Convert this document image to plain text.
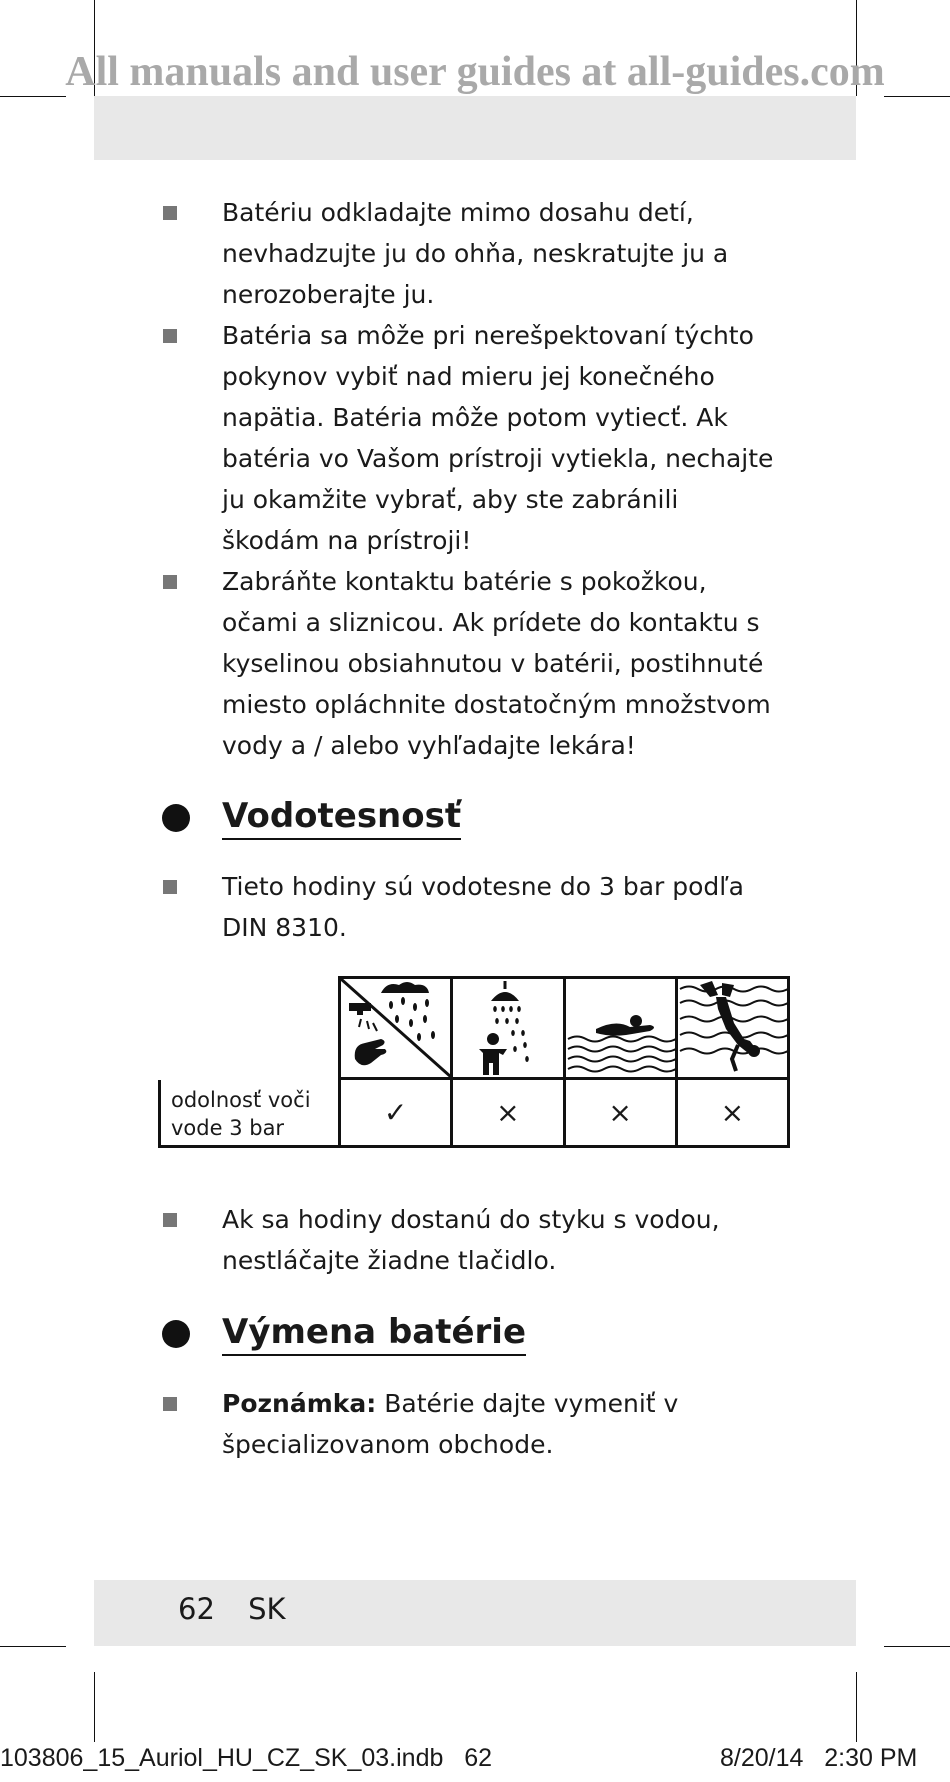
All manuals and user guides at all-guides.com
Batériu odkladajte mimo dosahu detí, nevhadzujte ju do ohňa, neskratujte ju a nerozoberajte ju.
Batéria sa môže pri nerešpektovaní týchto pokynov vybiť nad mieru jej konečného napätia. Batéria môže potom vytiecť. Ak batéria vo Vašom prístroji vytiekla, nechajte ju okamžite vybrať, aby ste zabránili škodám na prístroji!
Zabráňte kontaktu batérie s pokožkou, očami a sliznicou. Ak prídete do kontaktu s kyselinou obsiahnutou v batérii, postihnuté miesto opláchnite dostatočným množstvom vody a / alebo vyhľadajte lekára!
Vodotesnosť
Tieto hodiny sú vodotesne do 3 bar podľa DIN 8310.
odolnosť voči vode 3 bar	✓	×	×	×
Ak sa hodiny dostanú do styku s vodou, nestláčajte žiadne tlačidlo.
Výmena batérie
Poznámka: Batérie dajte vymeniť v špecializovanom obchode.
62 SK
103806_15_Auriol_HU_CZ_SK_03.indb   62	8/20/14   2:30 PM
